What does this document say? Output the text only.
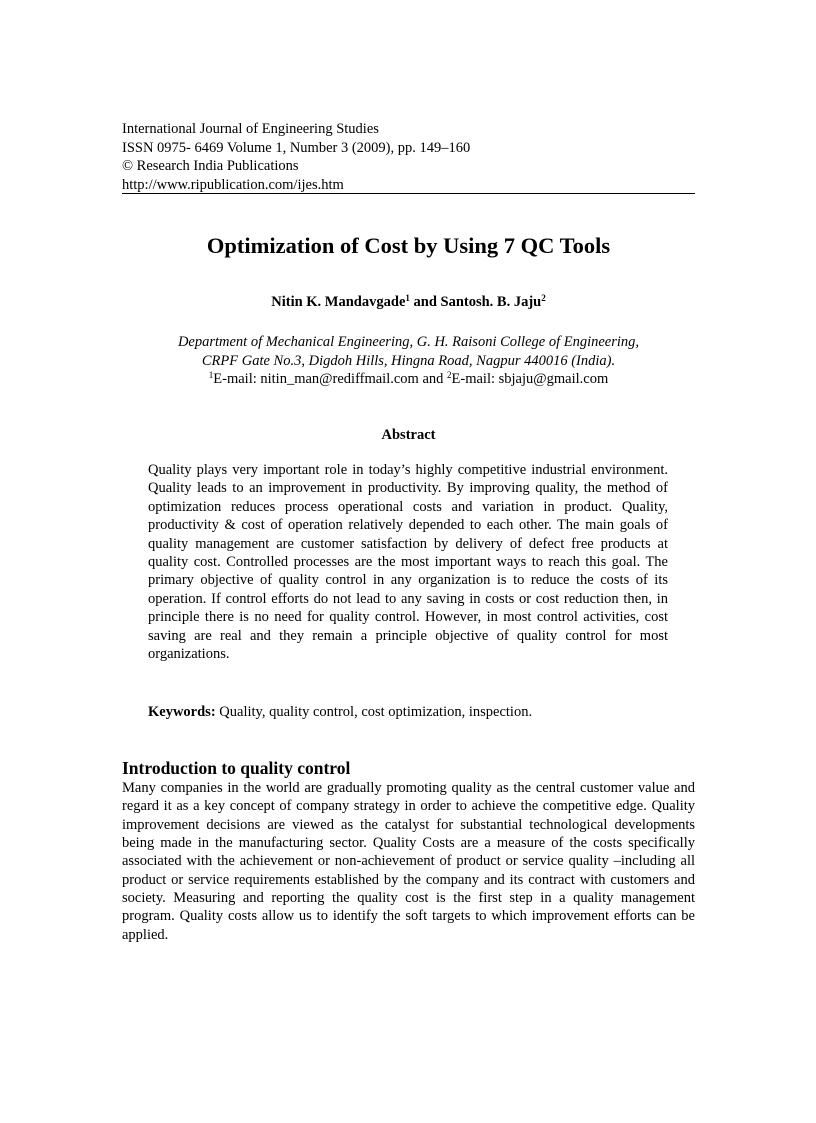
International Journal of Engineering Studies
ISSN 0975- 6469 Volume 1, Number 3 (2009), pp. 149–160
© Research India Publications
http://www.ripublication.com/ijes.htm
Optimization of Cost by Using 7 QC Tools
Nitin K. Mandavgade$^1$ and Santosh. B. Jaju$^2$
Department of Mechanical Engineering, G. H. Raisoni College of Engineering,
CRPF Gate No.3, Digdoh Hills, Hingna Road, Nagpur 440016 (India).
$^1$E-mail: nitin_man@rediffmail.com and $^2$E-mail: sbjaju@gmail.com
Abstract
Quality plays very important role in today’s highly competitive industrial environment. Quality leads to an improvement in productivity. By improving quality, the method of optimization reduces process operational costs and variation in product. Quality, productivity & cost of operation relatively depended to each other. The main goals of quality management are customer satisfaction by delivery of defect free products at quality cost. Controlled processes are the most important ways to reach this goal. The primary objective of quality control in any organization is to reduce the costs of its operation. If control efforts do not lead to any saving in costs or cost reduction then, in principle there is no need for quality control. However, in most control activities, cost saving are real and they remain a principle objective of quality control for most organizations.
Keywords: Quality, quality control, cost optimization, inspection.
Introduction to quality control
Many companies in the world are gradually promoting quality as the central customer value and regard it as a key concept of company strategy in order to achieve the competitive edge. Quality improvement decisions are viewed as the catalyst for substantial technological developments being made in the manufacturing sector. Quality Costs are a measure of the costs specifically associated with the achievement or non-achievement of product or service quality –including all product or service requirements established by the company and its contract with customers and society. Measuring and reporting the quality cost is the first step in a quality management program. Quality costs allow us to identify the soft targets to which improvement efforts can be applied.
